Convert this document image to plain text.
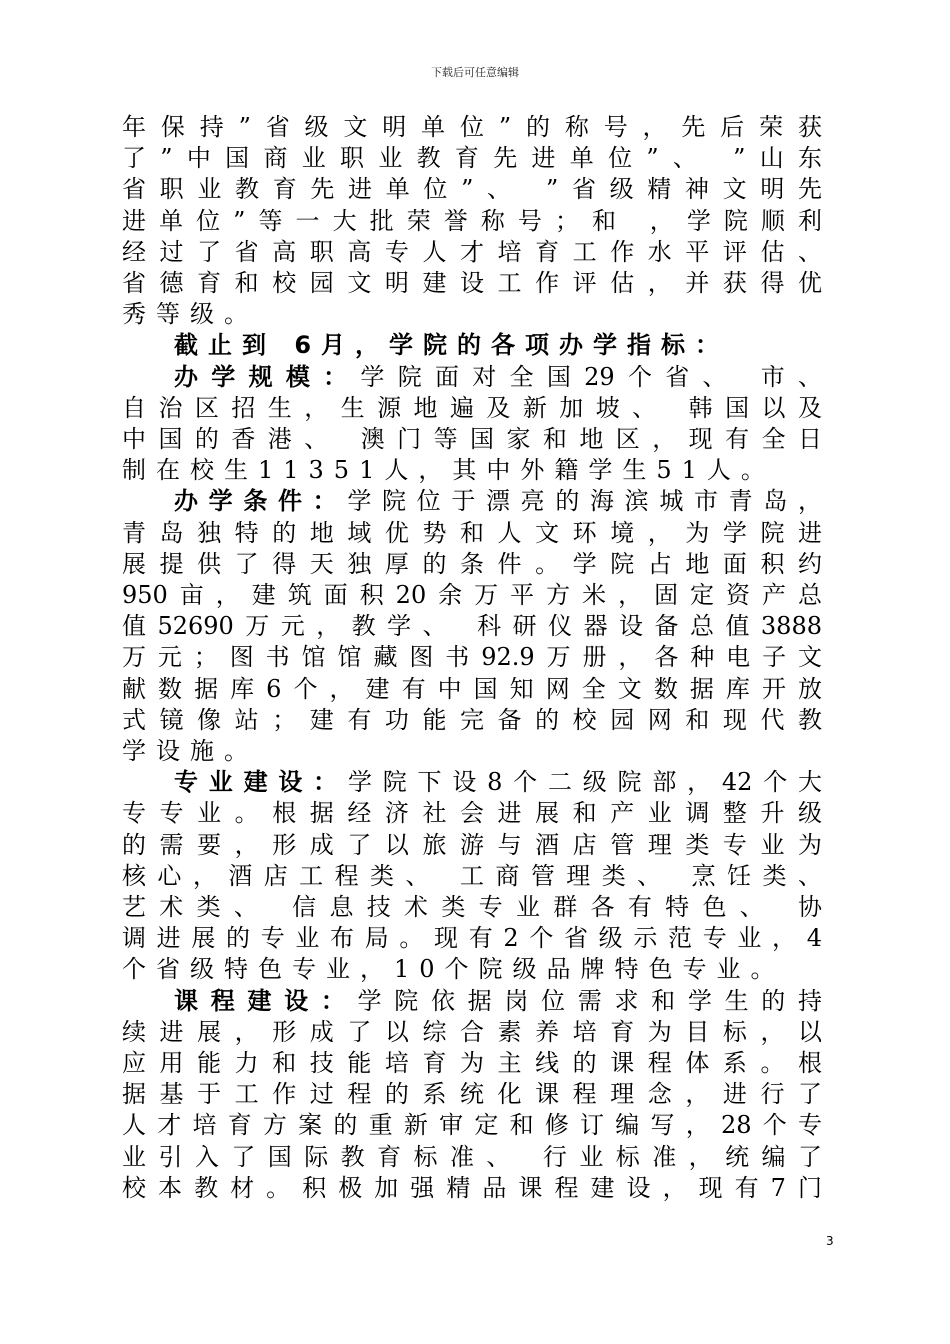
下载后可任意编辑
年保持”省级文明单位”的称号，先后荣获
了”中国商业职业教育先进单位”、 ”山东
省职业教育先进单位”、 ”省级精神文明先
进单位”等一大批荣誉称号；和 ，学院顺利
经过了省高职高专人才培育工作水平评估、
省德育和校园文明建设工作评估，并获得优
秀等级。
截止到 6月，学院的各项办学指标：
办学规模：学院面对全国29个省、 市、
自治区招生，生源地遍及新加坡、 韩国以及
中国的香港、 澳门等国家和地区，现有全日
制在校生11351人，其中外籍学生51人。
办学条件：学院位于漂亮的海滨城市青岛，
青岛独特的地域优势和人文环境，为学院进
展提供了得天独厚的条件。学院占地面积约
950亩，建筑面积20余万平方米，固定资产总
值52690万元，教学、 科研仪器设备总值3888
万元；图书馆馆藏图书92.9万册，各种电子文
献数据库6个，建有中国知网全文数据库开放
式镜像站；建有功能完备的校园网和现代教
学设施。
专业建设：学院下设8个二级院部，42个大
专专业。根据经济社会进展和产业调整升级
的需要，形成了以旅游与酒店管理类专业为
核心，酒店工程类、 工商管理类、 烹饪类、
艺术类、 信息技术类专业群各有特色、 协
调进展的专业布局。现有2个省级示范专业，4
个省级特色专业，10个院级品牌特色专业。
课程建设：学院依据岗位需求和学生的持
续进展，形成了以综合素养培育为目标，以
应用能力和技能培育为主线的课程体系。根
据基于工作过程的系统化课程理念，进行了
人才培育方案的重新审定和修订编写，28个专
业引入了国际教育标准、 行业标准，统编了
校本教材。积极加强精品课程建设，现有7门
3
